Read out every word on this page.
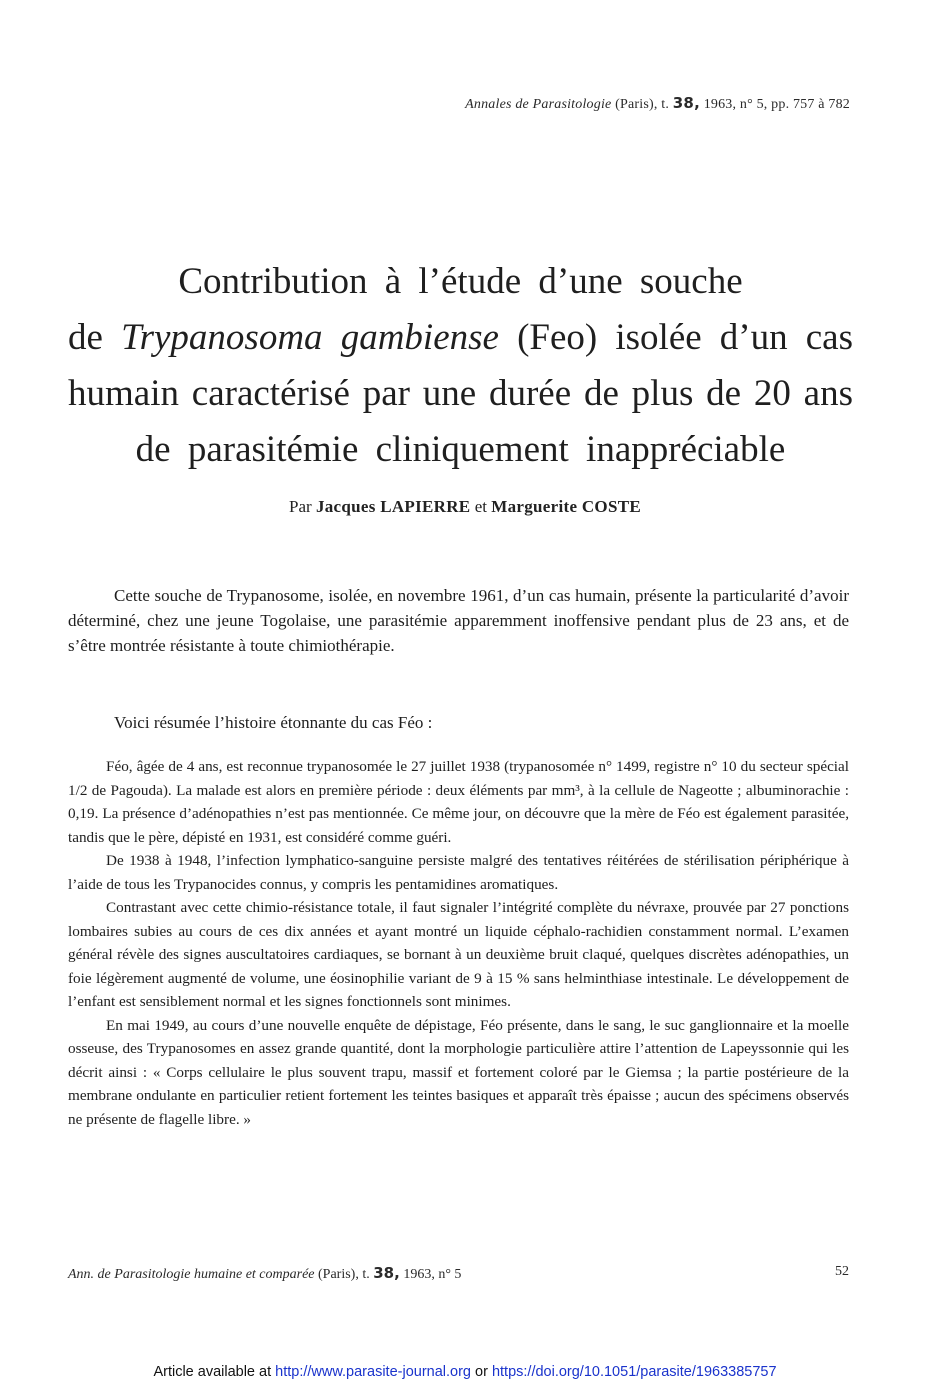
Annales de Parasitologie (Paris), t. 38, 1963, n° 5, pp. 757 à 782
Contribution à l’étude d’une souche
de Trypanosoma gambiense (Feo) isolée d’un cas
humain caractérisé par une durée de plus de 20 ans
de parasitémie cliniquement inappréciable
Par Jacques LAPIERRE et Marguerite COSTE

Cette souche de Trypanosome, isolée, en novembre 1961, d’un cas humain, présente la particularité d’avoir déterminé, chez une jeune Togolaise, une parasitémie apparemment inoffensive pendant plus de 23 ans, et de s’être montrée résistante à toute chimiothérapie.

Voici résumée l’histoire étonnante du cas Féo :

Féo, âgée de 4 ans, est reconnue trypanosomée le 27 juillet 1938 (trypanosomée n° 1499, registre n° 10 du secteur spécial 1/2 de Pagouda). La malade est alors en première période : deux éléments par mm³, à la cellule de Nageotte ; albuminorachie : 0,19. La présence d’adénopathies n’est pas mentionnée. Ce même jour, on découvre que la mère de Féo est également parasitée, tandis que le père, dépisté en 1931, est considéré comme guéri.

De 1938 à 1948, l’infection lymphatico-sanguine persiste malgré des tentatives réitérées de stérilisation périphérique à l’aide de tous les Trypanocides connus, y compris les pentamidines aromatiques.

Contrastant avec cette chimio-résistance totale, il faut signaler l’intégrité complète du névraxe, prouvée par 27 ponctions lombaires subies au cours de ces dix années et ayant montré un liquide céphalo-rachidien constamment normal. L’examen général révèle des signes auscultatoires cardiaques, se bornant à un deuxième bruit claqué, quelques discrètes adénopathies, un foie légèrement augmenté de volume, une éosinophilie variant de 9 à 15 % sans helminthiase intestinale. Le développement de l’enfant est sensiblement normal et les signes fonctionnels sont minimes.

En mai 1949, au cours d’une nouvelle enquête de dépistage, Féo présente, dans le sang, le suc ganglionnaire et la moelle osseuse, des Trypanosomes en assez grande quantité, dont la morphologie particulière attire l’attention de Lapeyssonnie qui les décrit ainsi : « Corps cellulaire le plus souvent trapu, massif et fortement coloré par le Giemsa ; la partie postérieure de la membrane ondulante en particulier retient fortement les teintes basiques et apparaît très épaisse ; aucun des spécimens observés ne présente de flagelle libre. »

Ann. de Parasitologie humaine et comparée (Paris), t. 38, 1963, n° 5	52
Article available at http://www.parasite-journal.org or https://doi.org/10.1051/parasite/1963385757
